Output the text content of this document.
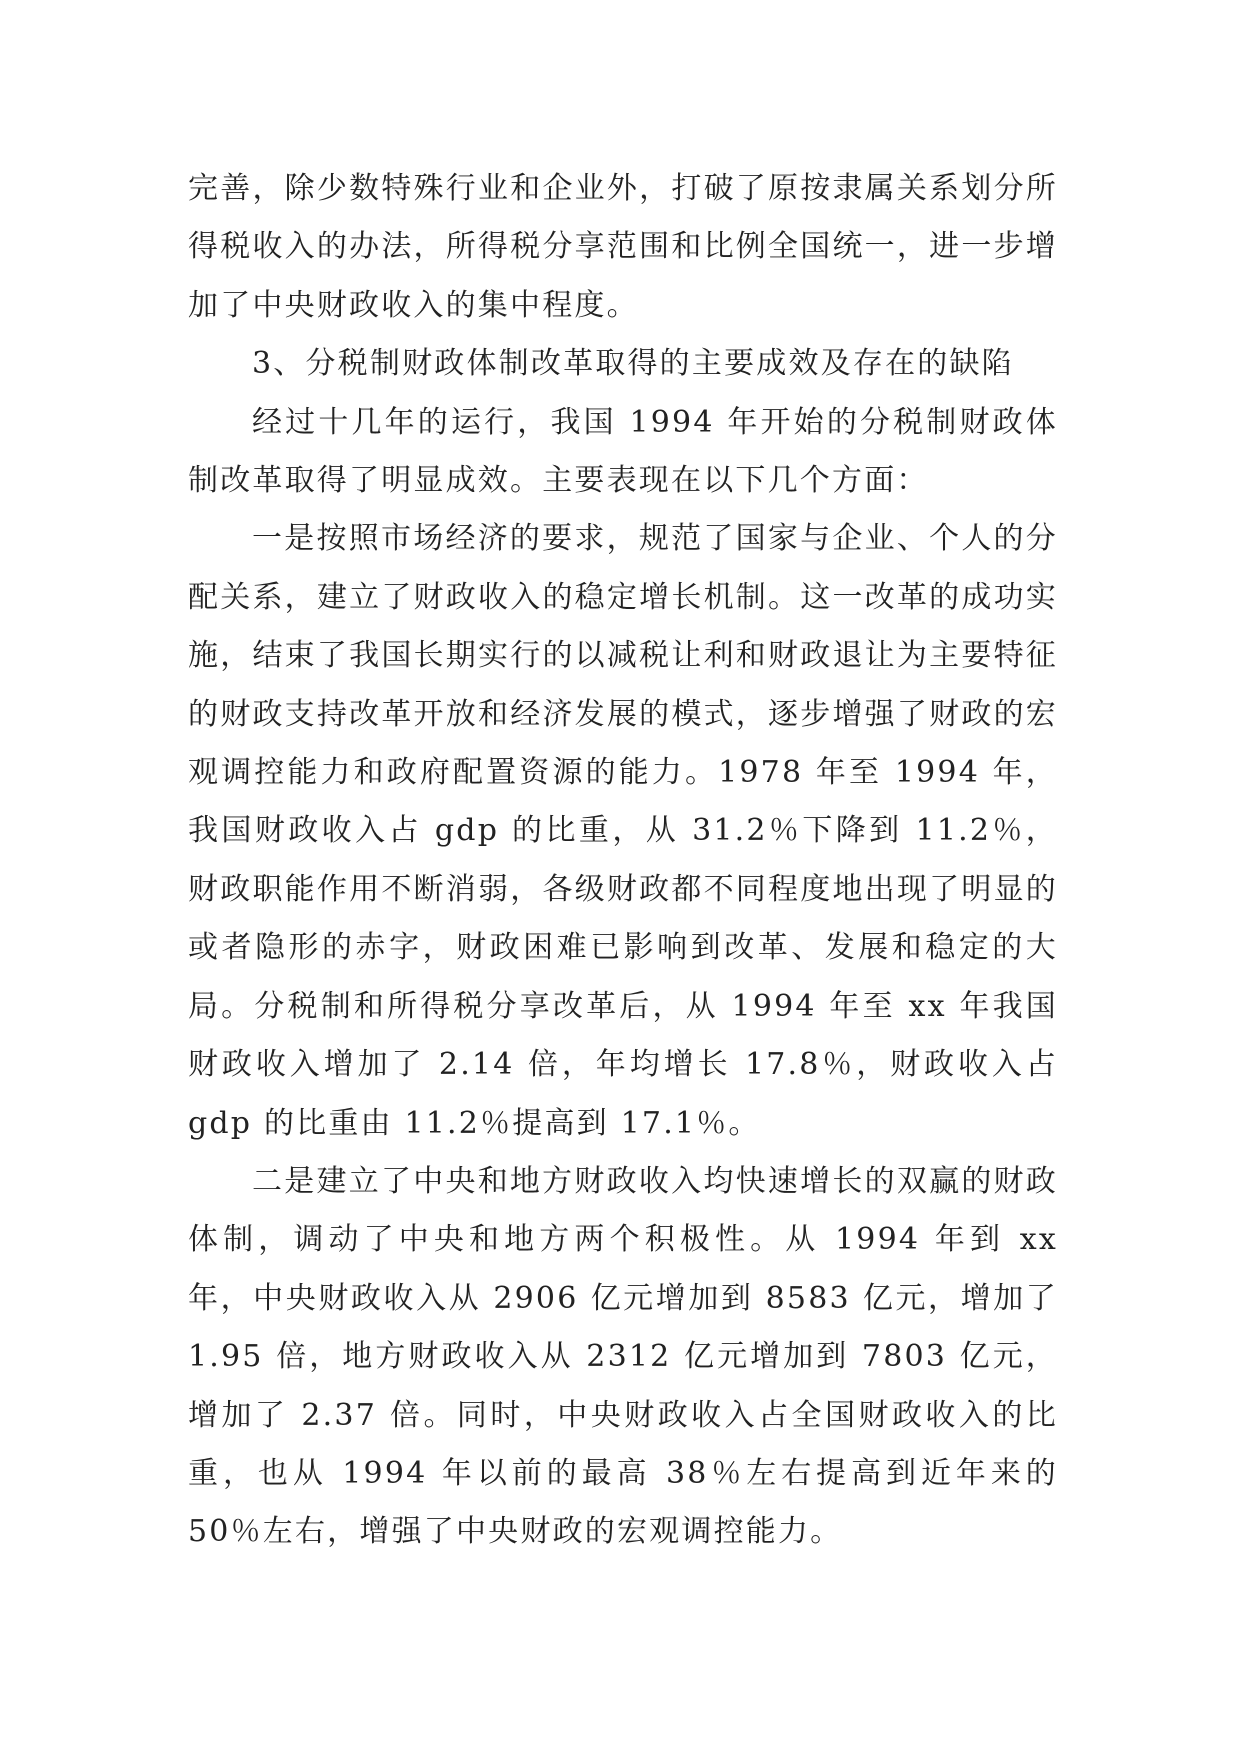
完善，除少数特殊行业和企业外，打破了原按隶属关系划分所得税收入的办法，所得税分享范围和比例全国统一，进一步增加了中央财政收入的集中程度。

3、分税制财政体制改革取得的主要成效及存在的缺陷

经过十几年的运行，我国 1994 年开始的分税制财政体制改革取得了明显成效。主要表现在以下几个方面：

一是按照市场经济的要求，规范了国家与企业、个人的分配关系，建立了财政收入的稳定增长机制。这一改革的成功实施，结束了我国长期实行的以减税让利和财政退让为主要特征的财政支持改革开放和经济发展的模式，逐步增强了财政的宏观调控能力和政府配置资源的能力。1978 年至 1994 年，我国财政收入占 gdp 的比重，从 31.2％下降到 11.2％，财政职能作用不断消弱，各级财政都不同程度地出现了明显的或者隐形的赤字，财政困难已影响到改革、发展和稳定的大局。分税制和所得税分享改革后，从 1994 年至 xx 年我国财政收入增加了 2.14 倍，年均增长 17.8％，财政收入占 gdp 的比重由 11.2％提高到 17.1％。

二是建立了中央和地方财政收入均快速增长的双赢的财政体制，调动了中央和地方两个积极性。从 1994 年到 xx 年，中央财政收入从 2906 亿元增加到 8583 亿元，增加了 1.95 倍，地方财政收入从 2312 亿元增加到 7803 亿元，增加了 2.37 倍。同时，中央财政收入占全国财政收入的比重，也从 1994 年以前的最高 38％左右提高到近年来的 50％左右，增强了中央财政的宏观调控能力。
